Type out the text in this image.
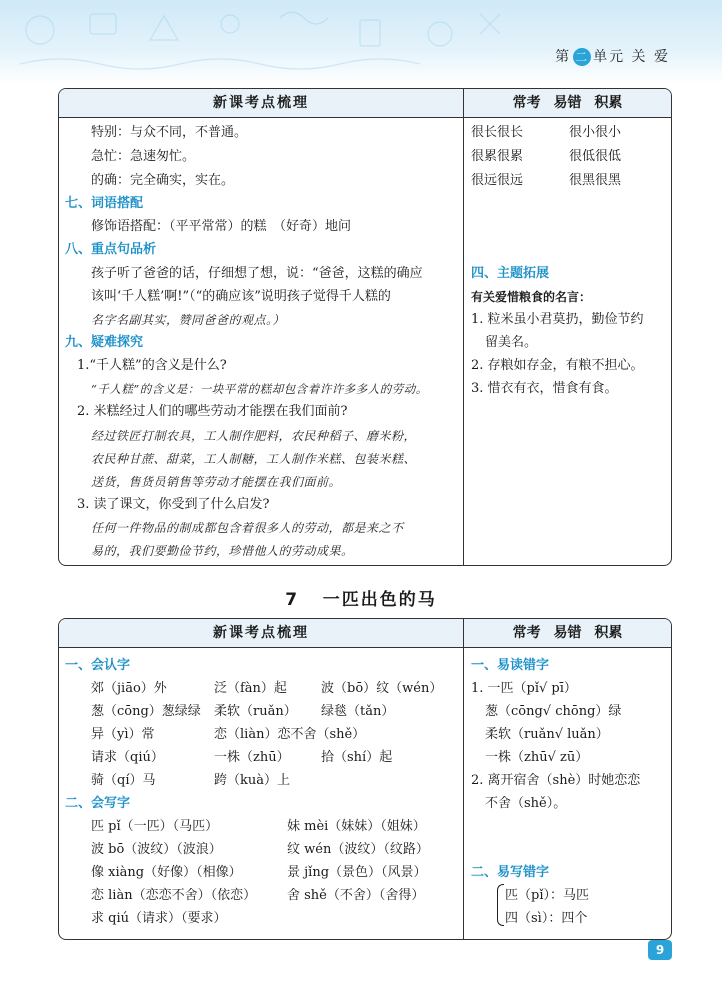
第 二 单元 关 爱
新课考点梳理	常考 易错 积累
特别：与众不同，不普通。
急忙：急速匆忙。
的确：完全确实，实在。
七、词语搭配
修饰语搭配：（平平常常）的糕　（好奇）地问
八、重点句品析
孩子听了爸爸的话，仔细想了想，说：“爸爸，这糕的确应
该叫‘千人糕’啊!”（“的确应该”说明孩子觉得千人糕的
名字名副其实，赞同爸爸的观点。）
九、疑难探究
1.“千人糕”的含义是什么?
“千人糕”的含义是：一块平常的糕却包含着许许多多人的劳动。
2. 米糕经过人们的哪些劳动才能摆在我们面前?
经过铁匠打制农具，工人制作肥料，农民种稻子、磨米粉，
农民种甘蔗、甜菜，工人制糖，工人制作米糕、包装米糕、
送货，售货员销售等劳动才能摆在我们面前。
3. 读了课文，你受到了什么启发?
任何一件物品的制成都包含着很多人的劳动，都是来之不
易的，我们要勤俭节约，珍惜他人的劳动成果。
很长很长	很小很小
很累很累	很低很低
很远很远	很黑很黑
四、主题拓展
有关爱惜粮食的名言：
1. 粒米虽小君莫扔，勤俭节约
留美名。
2. 存粮如存金，有粮不担心。
3. 惜衣有衣，惜食有食。
7 一匹出色的马
新课考点梳理	常考 易错 积累
一、会认字
郊（jiāo）外	泛（fàn）起	波（bō）纹（wén）
葱（cōng）葱绿绿 柔软（ruǎn） 绿毯（tǎn）
异（yì）常	恋（liàn）恋不舍（shě）
请求（qiú）	一株（zhū） 拾（shí）起
骑（qí）马	跨（kuà）上
二、会写字
匹 pǐ（一匹）（马匹）	妹 mèi（妹妹）（姐妹）
波 bō（波纹）（波浪）	纹 wén（波纹）（纹路）
像 xiàng（好像）（相像）	景 jǐng（景色）（风景）
恋 liàn（恋恋不舍）（依恋） 舍 shě（不舍）（舍得）
求 qiú（请求）（要求）
一、易读错字
1. 一匹（pǐ√ pī）
葱（cōng√ chōng）绿
柔软（ruǎn√ luǎn）
一株（zhū√ zū）
2. 离开宿舍（shè）时她恋恋
不舍（shě）。
二、易写错字
匹（pǐ）：马匹
四（sì）：四个
9
